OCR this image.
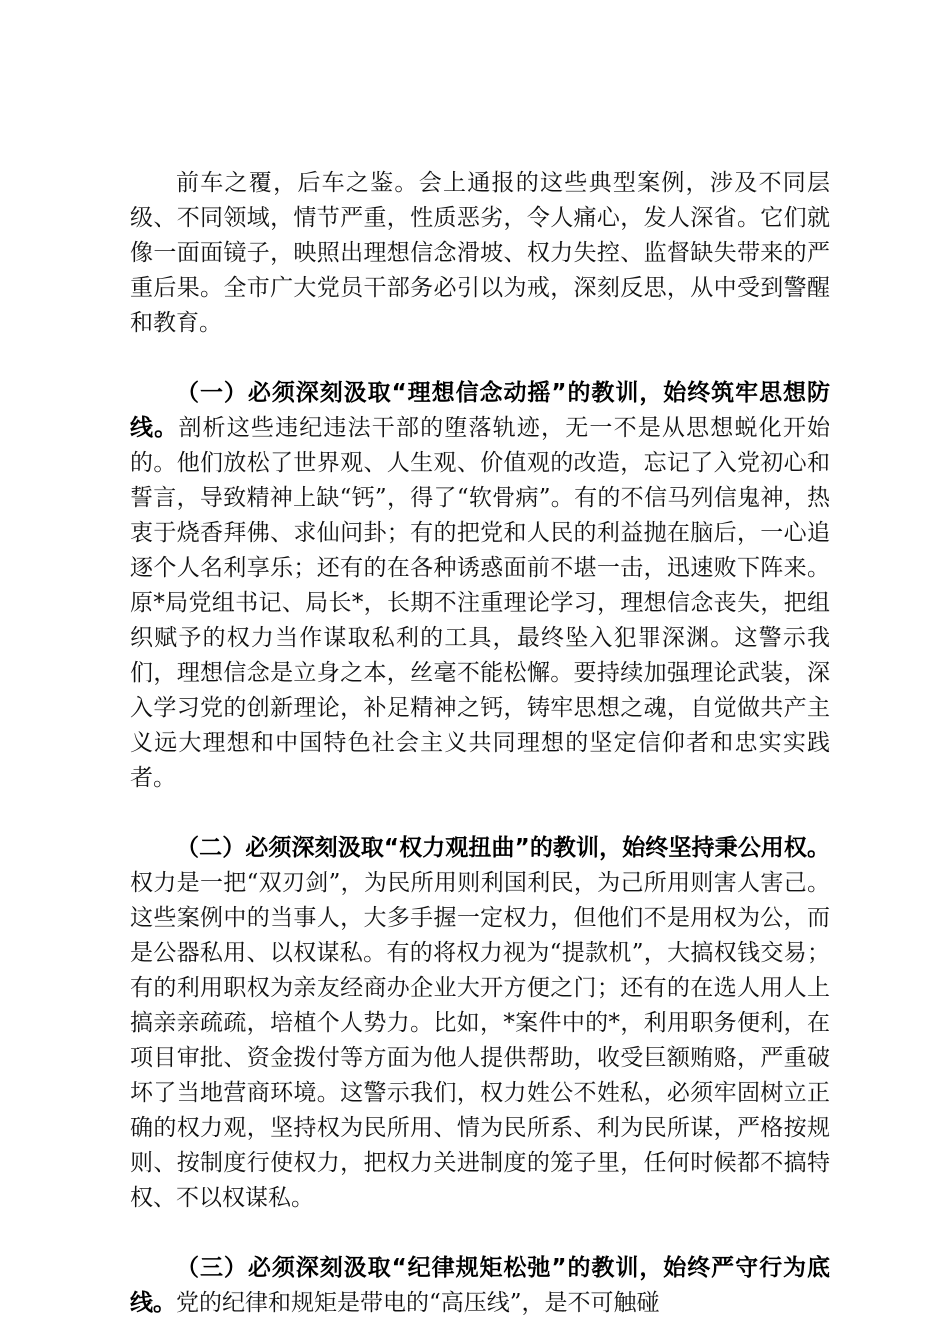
前车之覆，后车之鉴。会上通报的这些典型案例，涉及不同层级、不同领域，情节严重，性质恶劣，令人痛心，发人深省。它们就像一面面镜子，映照出理想信念滑坡、权力失控、监督缺失带来的严重后果。全市广大党员干部务必引以为戒，深刻反思，从中受到警醒和教育。

（一）必须深刻汲取“理想信念动摇”的教训，始终筑牢思想防线。剖析这些违纪违法干部的堕落轨迹，无一不是从思想蜕化开始的。他们放松了世界观、人生观、价值观的改造，忘记了入党初心和誓言，导致精神上缺“钙”，得了“软骨病”。有的不信马列信鬼神，热衷于烧香拜佛、求仙问卦；有的把党和人民的利益抛在脑后，一心追逐个人名利享乐；还有的在各种诱惑面前不堪一击，迅速败下阵来。原*局党组书记、局长*，长期不注重理论学习，理想信念丧失，把组织赋予的权力当作谋取私利的工具，最终坠入犯罪深渊。这警示我们，理想信念是立身之本，丝毫不能松懈。要持续加强理论武装，深入学习党的创新理论，补足精神之钙，铸牢思想之魂，自觉做共产主义远大理想和中国特色社会主义共同理想的坚定信仰者和忠实实践者。

（二）必须深刻汲取“权力观扭曲”的教训，始终坚持秉公用权。权力是一把“双刃剑”，为民所用则利国利民，为己所用则害人害己。这些案例中的当事人，大多手握一定权力，但他们不是用权为公，而是公器私用、以权谋私。有的将权力视为“提款机”，大搞权钱交易；有的利用职权为亲友经商办企业大开方便之门；还有的在选人用人上搞亲亲疏疏，培植个人势力。比如，*案件中的*，利用职务便利，在项目审批、资金拨付等方面为他人提供帮助，收受巨额贿赂，严重破坏了当地营商环境。这警示我们，权力姓公不姓私，必须牢固树立正确的权力观，坚持权为民所用、情为民所系、利为民所谋，严格按规则、按制度行使权力，把权力关进制度的笼子里，任何时候都不搞特权、不以权谋私。

（三）必须深刻汲取“纪律规矩松弛”的教训，始终严守行为底线。党的纪律和规矩是带电的“高压线”，是不可触碰
